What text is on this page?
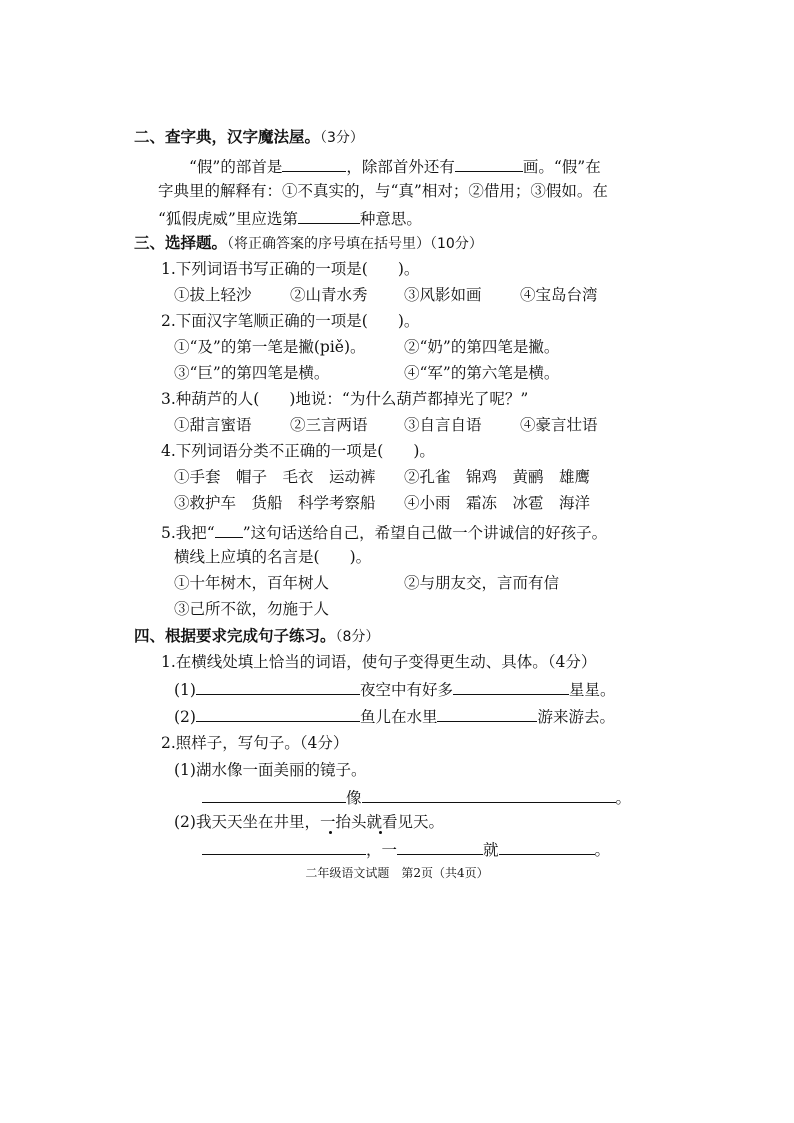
二、查字典，汉字魔法屋。（3分）
“假”的部首是	，除部首外还有	画。“假”在
字典里的解释有：①不真实的，与“真”相对；②借用；③假如。在
“狐假虎威”里应选第	种意思。
三、选择题。（将正确答案的序号填在括号里）（10分）
1.下列词语书写正确的一项是( )。
①拔上轻沙 ②山青水秀 ③风影如画 ④宝岛台湾
2.下面汉字笔顺正确的一项是( )。
①“及”的第一笔是撇(piě)。 ②“奶”的第四笔是撇。
③“巨”的第四笔是横。	④“军”的第六笔是横。
3.种葫芦的人( )地说：“为什么葫芦都掉光了呢？”
①甜言蜜语 ②三言两语 ③自言自语 ④豪言壮语
4.下列词语分类不正确的一项是( )。
①手套　帽子　毛衣　运动裤 ②孔雀　锦鸡　黄鹂　雄鹰
③救护车　货船　科学考察船 ④小雨　霜冻　冰雹　海洋
5.我把“ ”这句话送给自己，希望自己做一个讲诚信的好孩子。
横线上应填的名言是( )。
①十年树木，百年树人	②与朋友交，言而有信
③己所不欲，勿施于人
四、根据要求完成句子练习。（8分）
1.在横线处填上恰当的词语，使句子变得更生动、具体。（4分）
(1)	夜空中有好多	星星。
(2)	鱼儿在水里	游来游去。
2.照样子，写句子。（4分）
(1)湖水像一面美丽的镜子。
像	。
(2)我天天坐在井里，一抬头就看见天。
，一	就	。
二年级语文试题　第2页（共4页）
